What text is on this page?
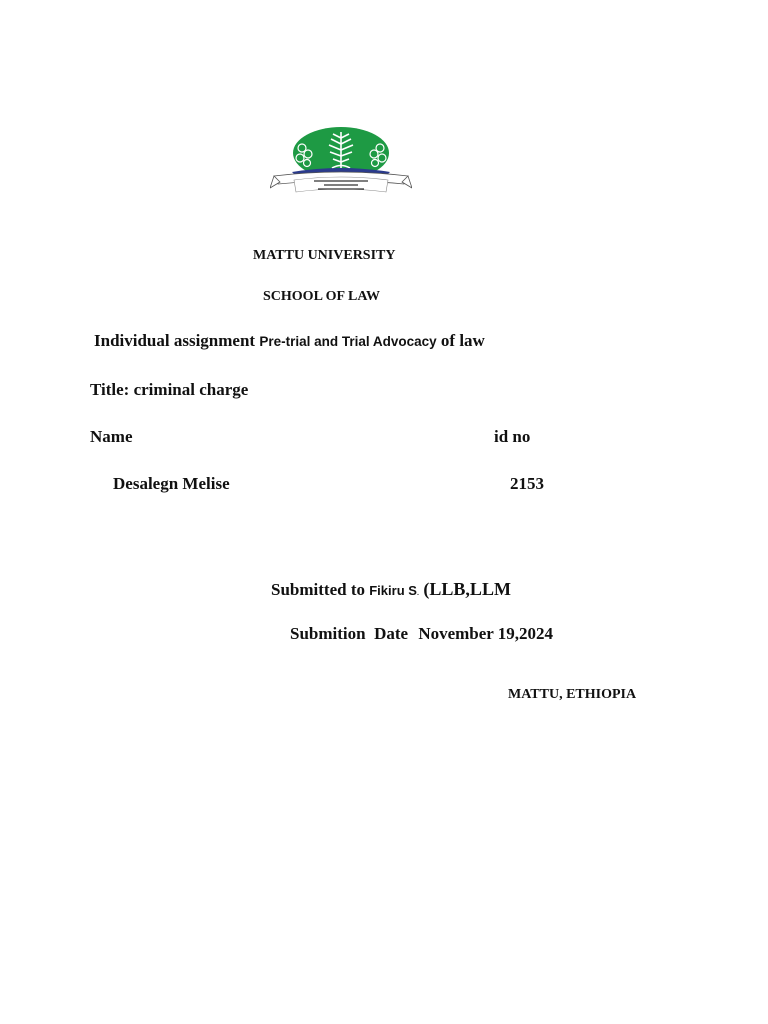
MATTU UNIVERSITY
SCHOOL OF LAW
Individual assignment Pre-trial and Trial Advocacy of law
Title: criminal charge
Name	id no
Desalegn Melise	2153
Submitted to Fikiru S. (LLB,LLM
Submition  Date November 19,2024
MATTU, ETHIOPIA
